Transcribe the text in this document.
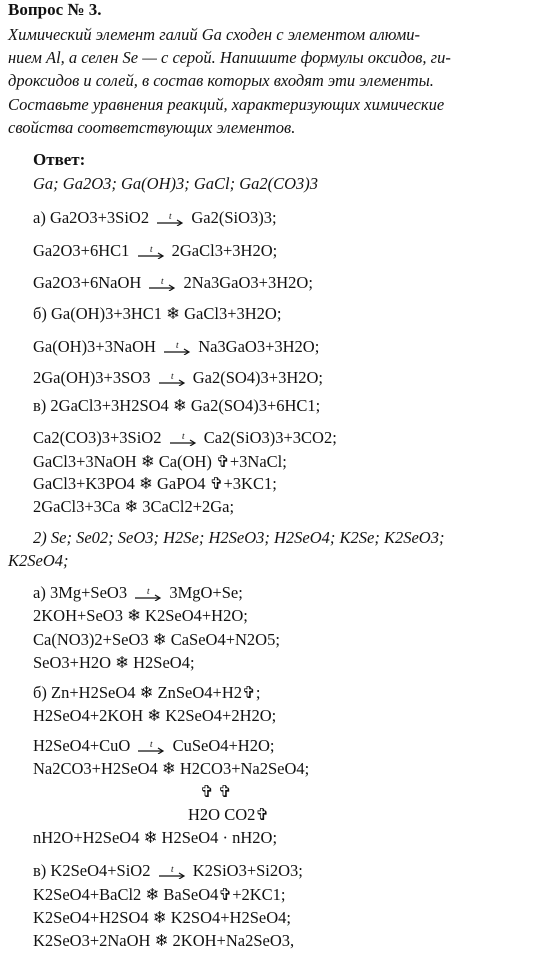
Вопрос № 3.
Химический элемент галий Ga сходен с элементом алюми-
нием Al, а селен Se — с серой. Напишите формулы оксидов, ги-
дроксидов и солей, в состав которых входят эти элементы.
Составьте уравнения реакций, характеризующих химические
свойства соответствующих элементов.
Ответ:
Ga; Ga2O3; Ga(OH)3; GaCl; Ga2(CO3)3
а) Ga2O3+3SiO2 t Ga2(SiO3)3;
Ga2O3+6HC1 t 2GaCl3+3H2O;
Ga2O3+6NaOH t 2Na3GaO3+3H2O;
б) Ga(OH)3+3HC1 ❄ GaCl3+3H2O;
Ga(OH)3+3NaOH t Na3GaO3+3H2O;
2Ga(OH)3+3SO3 t Ga2(SO4)3+3H2O;
в) 2GaCl3+3H2SO4 ❄ Ga2(SO4)3+6HC1;
Ca2(CO3)3+3SiO2 t Ca2(SiO3)3+3CO2;
GaCl3+3NaOH ❄ Ca(OH) ✞+3NaCl;
GaCl3+K3PO4 ❄ GaPO4 ✞+3KC1;
2GaCl3+3Ca ❄ 3CaCl2+2Ga;
2) Se; Se02; SeO3; H2Se; H2SeO3; H2SeO4; K2Se; K2SeO3;
K2SeO4;
а) 3Mg+SeO3 t 3MgO+Se;
2KOH+SeO3 ❄ K2SeO4+H2O;
Ca(NO3)2+SeO3 ❄ CaSeO4+N2O5;
SeO3+H2O ❄ H2SeO4;
б) Zn+H2SeO4 ❄ ZnSeO4+H2✞;
H2SeO4+2KOH ❄ K2SeO4+2H2O;
H2SeO4+CuO t CuSeO4+H2O;
Na2CO3+H2SeO4 ❄ H2CO3+Na2SeO4;
✞ ✞
H2O CO2✞
nH2O+H2SeO4 ❄ H2SeO4 · nH2O;
в) K2SeO4+SiO2 t K2SiO3+Si2O3;
K2SeO4+BaCl2 ❄ BaSeO4✞+2KC1;
K2SeO4+H2SO4 ❄ K2SO4+H2SeO4;
K2SeO3+2NaOH ❄ 2KOH+Na2SeO3,
